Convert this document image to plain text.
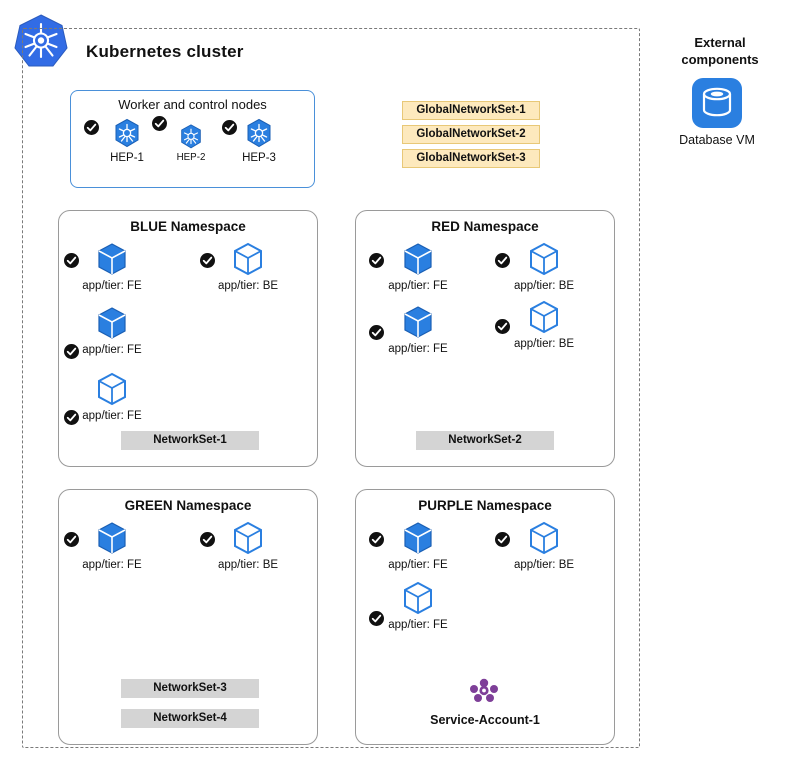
Kubernetes cluster
Worker and control nodes
HEP-1	HEP-2	HEP-3
GlobalNetworkSet-1
GlobalNetworkSet-2
GlobalNetworkSet-3
External
components
Database VM
BLUE Namespace
app/tier: FE	app/tier: BE
app/tier: FE
app/tier: FE
NetworkSet-1
RED Namespace
app/tier: FE	app/tier: BE
app/tier: FE	app/tier: BE
NetworkSet-2
GREEN Namespace
app/tier: FE	app/tier: BE
NetworkSet-3
NetworkSet-4
PURPLE Namespace
app/tier: FE	app/tier: BE
app/tier: FE
Service-Account-1
